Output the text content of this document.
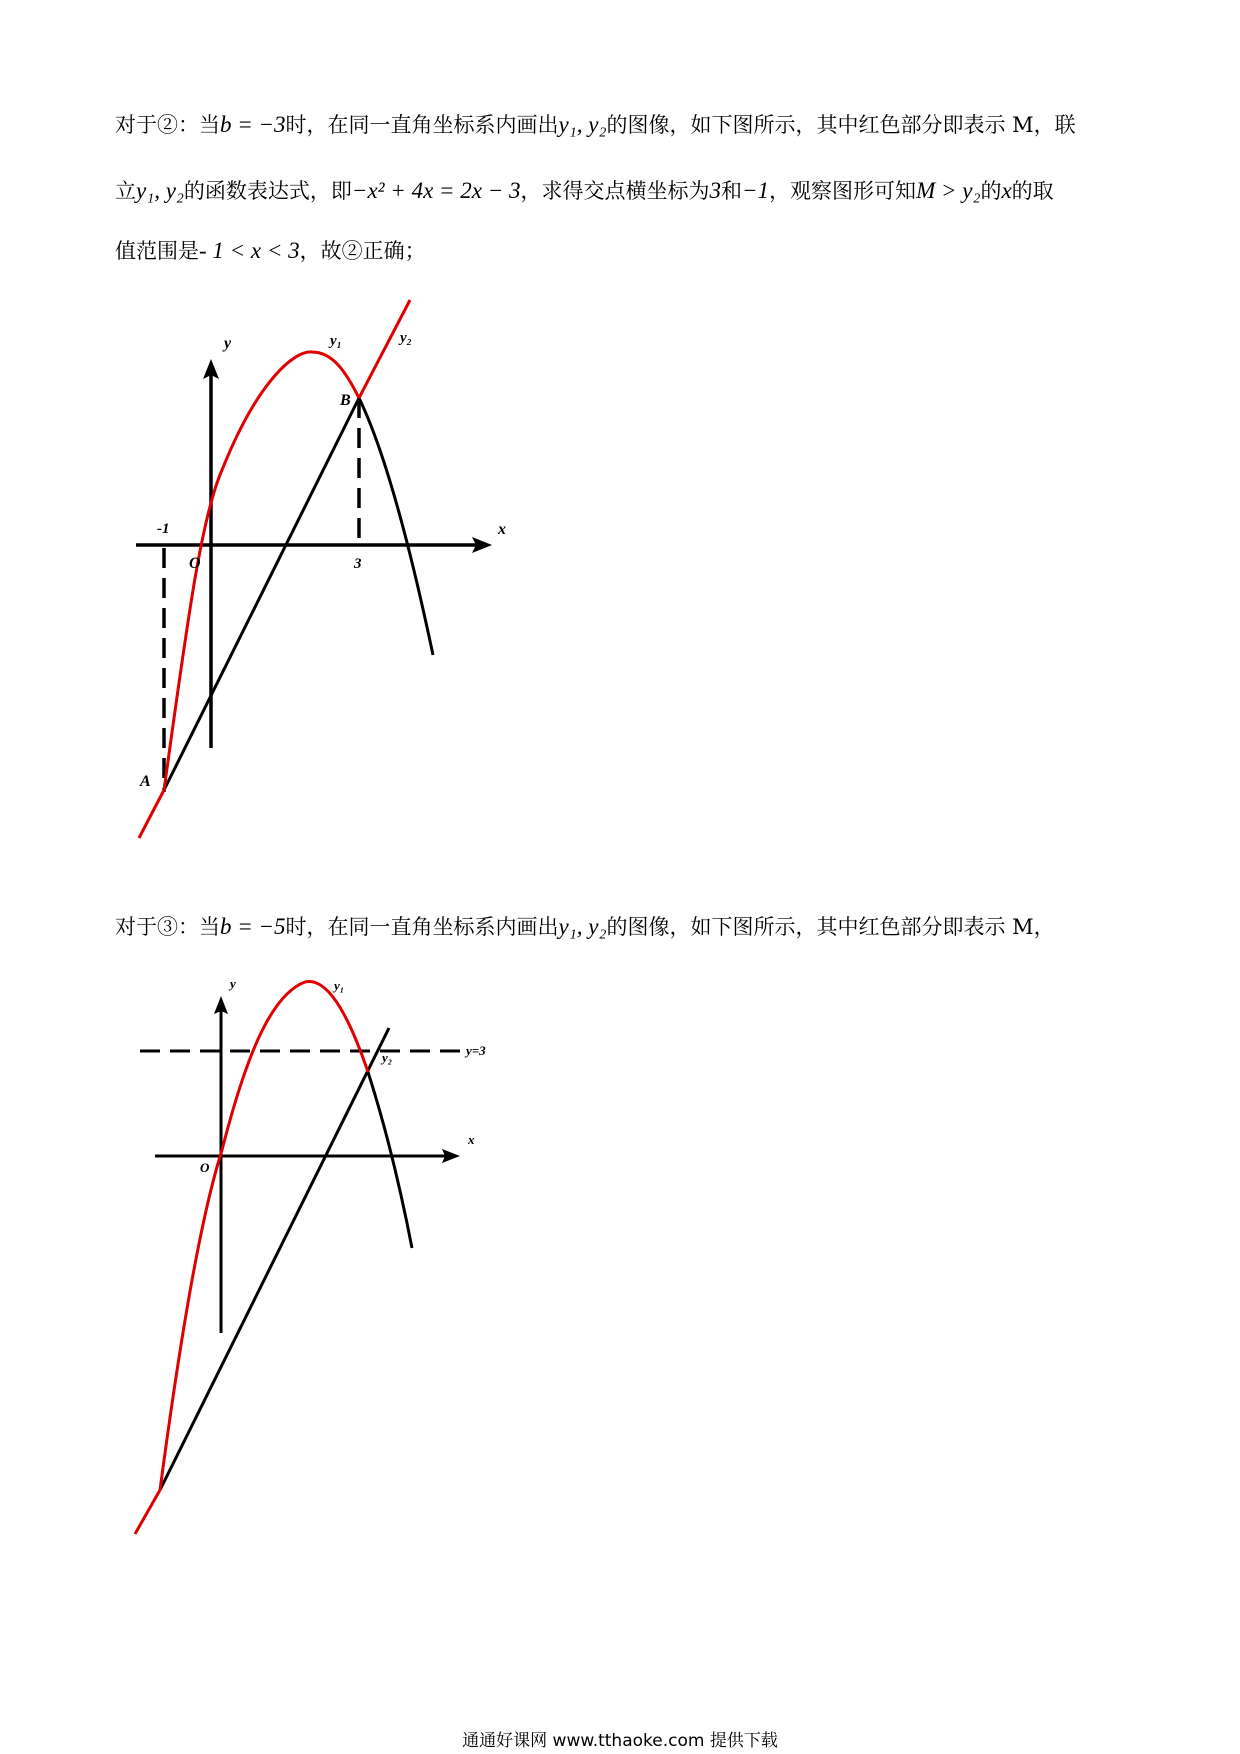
对于②：当b = −3时，在同一直角坐标系内画出y₁, y₂的图像，如下图所示，其中红色部分即表示 M，联
立y₁, y₂的函数表达式，即−x² + 4x = 2x − 3，求得交点横坐标为3和−1，观察图形可知M > y₂的x的取
值范围是- 1 < x < 3，故②正确；
y
x
O
y₁	y₂
A
B
-1
3
对于③：当b = −5时，在同一直角坐标系内画出y₁, y₂的图像，如下图所示，其中红色部分即表示 M，
y
x
O
y₁
y₂	y=3
通通好课网 www.tthaoke.com 提供下载
